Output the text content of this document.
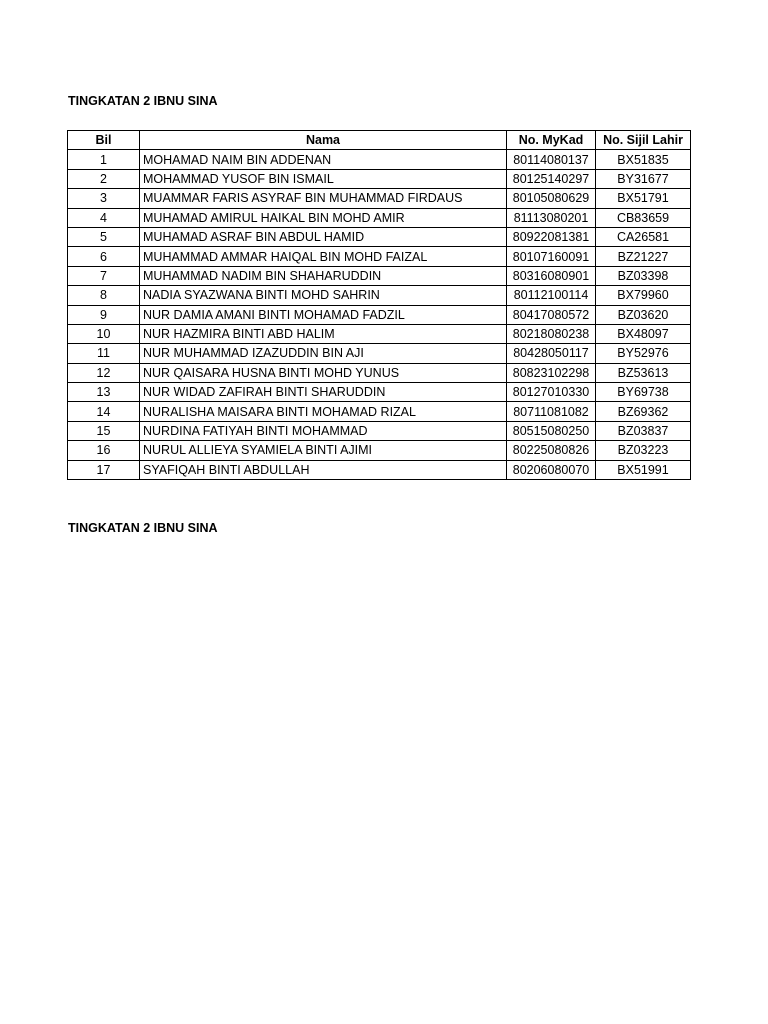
TINGKATAN 2 IBNU SINA
Bil	Nama	No. MyKad	No. Sijil Lahir
1	MOHAMAD NAIM BIN ADDENAN	80114080137	BX51835
2	MOHAMMAD YUSOF BIN ISMAIL	80125140297	BY31677
3	MUAMMAR FARIS ASYRAF BIN MUHAMMAD FIRDAUS	80105080629	BX51791
4	MUHAMAD AMIRUL HAIKAL BIN MOHD AMIR	81113080201	CB83659
5	MUHAMAD ASRAF BIN ABDUL HAMID	80922081381	CA26581
6	MUHAMMAD AMMAR HAIQAL BIN MOHD FAIZAL	80107160091	BZ21227
7	MUHAMMAD NADIM BIN SHAHARUDDIN	80316080901	BZ03398
8	NADIA SYAZWANA BINTI MOHD SAHRIN	80112100114	BX79960
9	NUR DAMIA AMANI BINTI MOHAMAD FADZIL	80417080572	BZ03620
10	NUR HAZMIRA BINTI ABD HALIM	80218080238	BX48097
11	NUR MUHAMMAD IZAZUDDIN BIN AJI	80428050117	BY52976
12	NUR QAISARA HUSNA BINTI MOHD YUNUS	80823102298	BZ53613
13	NUR WIDAD ZAFIRAH BINTI SHARUDDIN	80127010330	BY69738
14	NURALISHA MAISARA BINTI MOHAMAD RIZAL	80711081082	BZ69362
15	NURDINA FATIYAH BINTI MOHAMMAD	80515080250	BZ03837
16	NURUL ALLIEYA SYAMIELA BINTI AJIMI	80225080826	BZ03223
17	SYAFIQAH BINTI ABDULLAH	80206080070	BX51991
TINGKATAN 2 IBNU SINA
